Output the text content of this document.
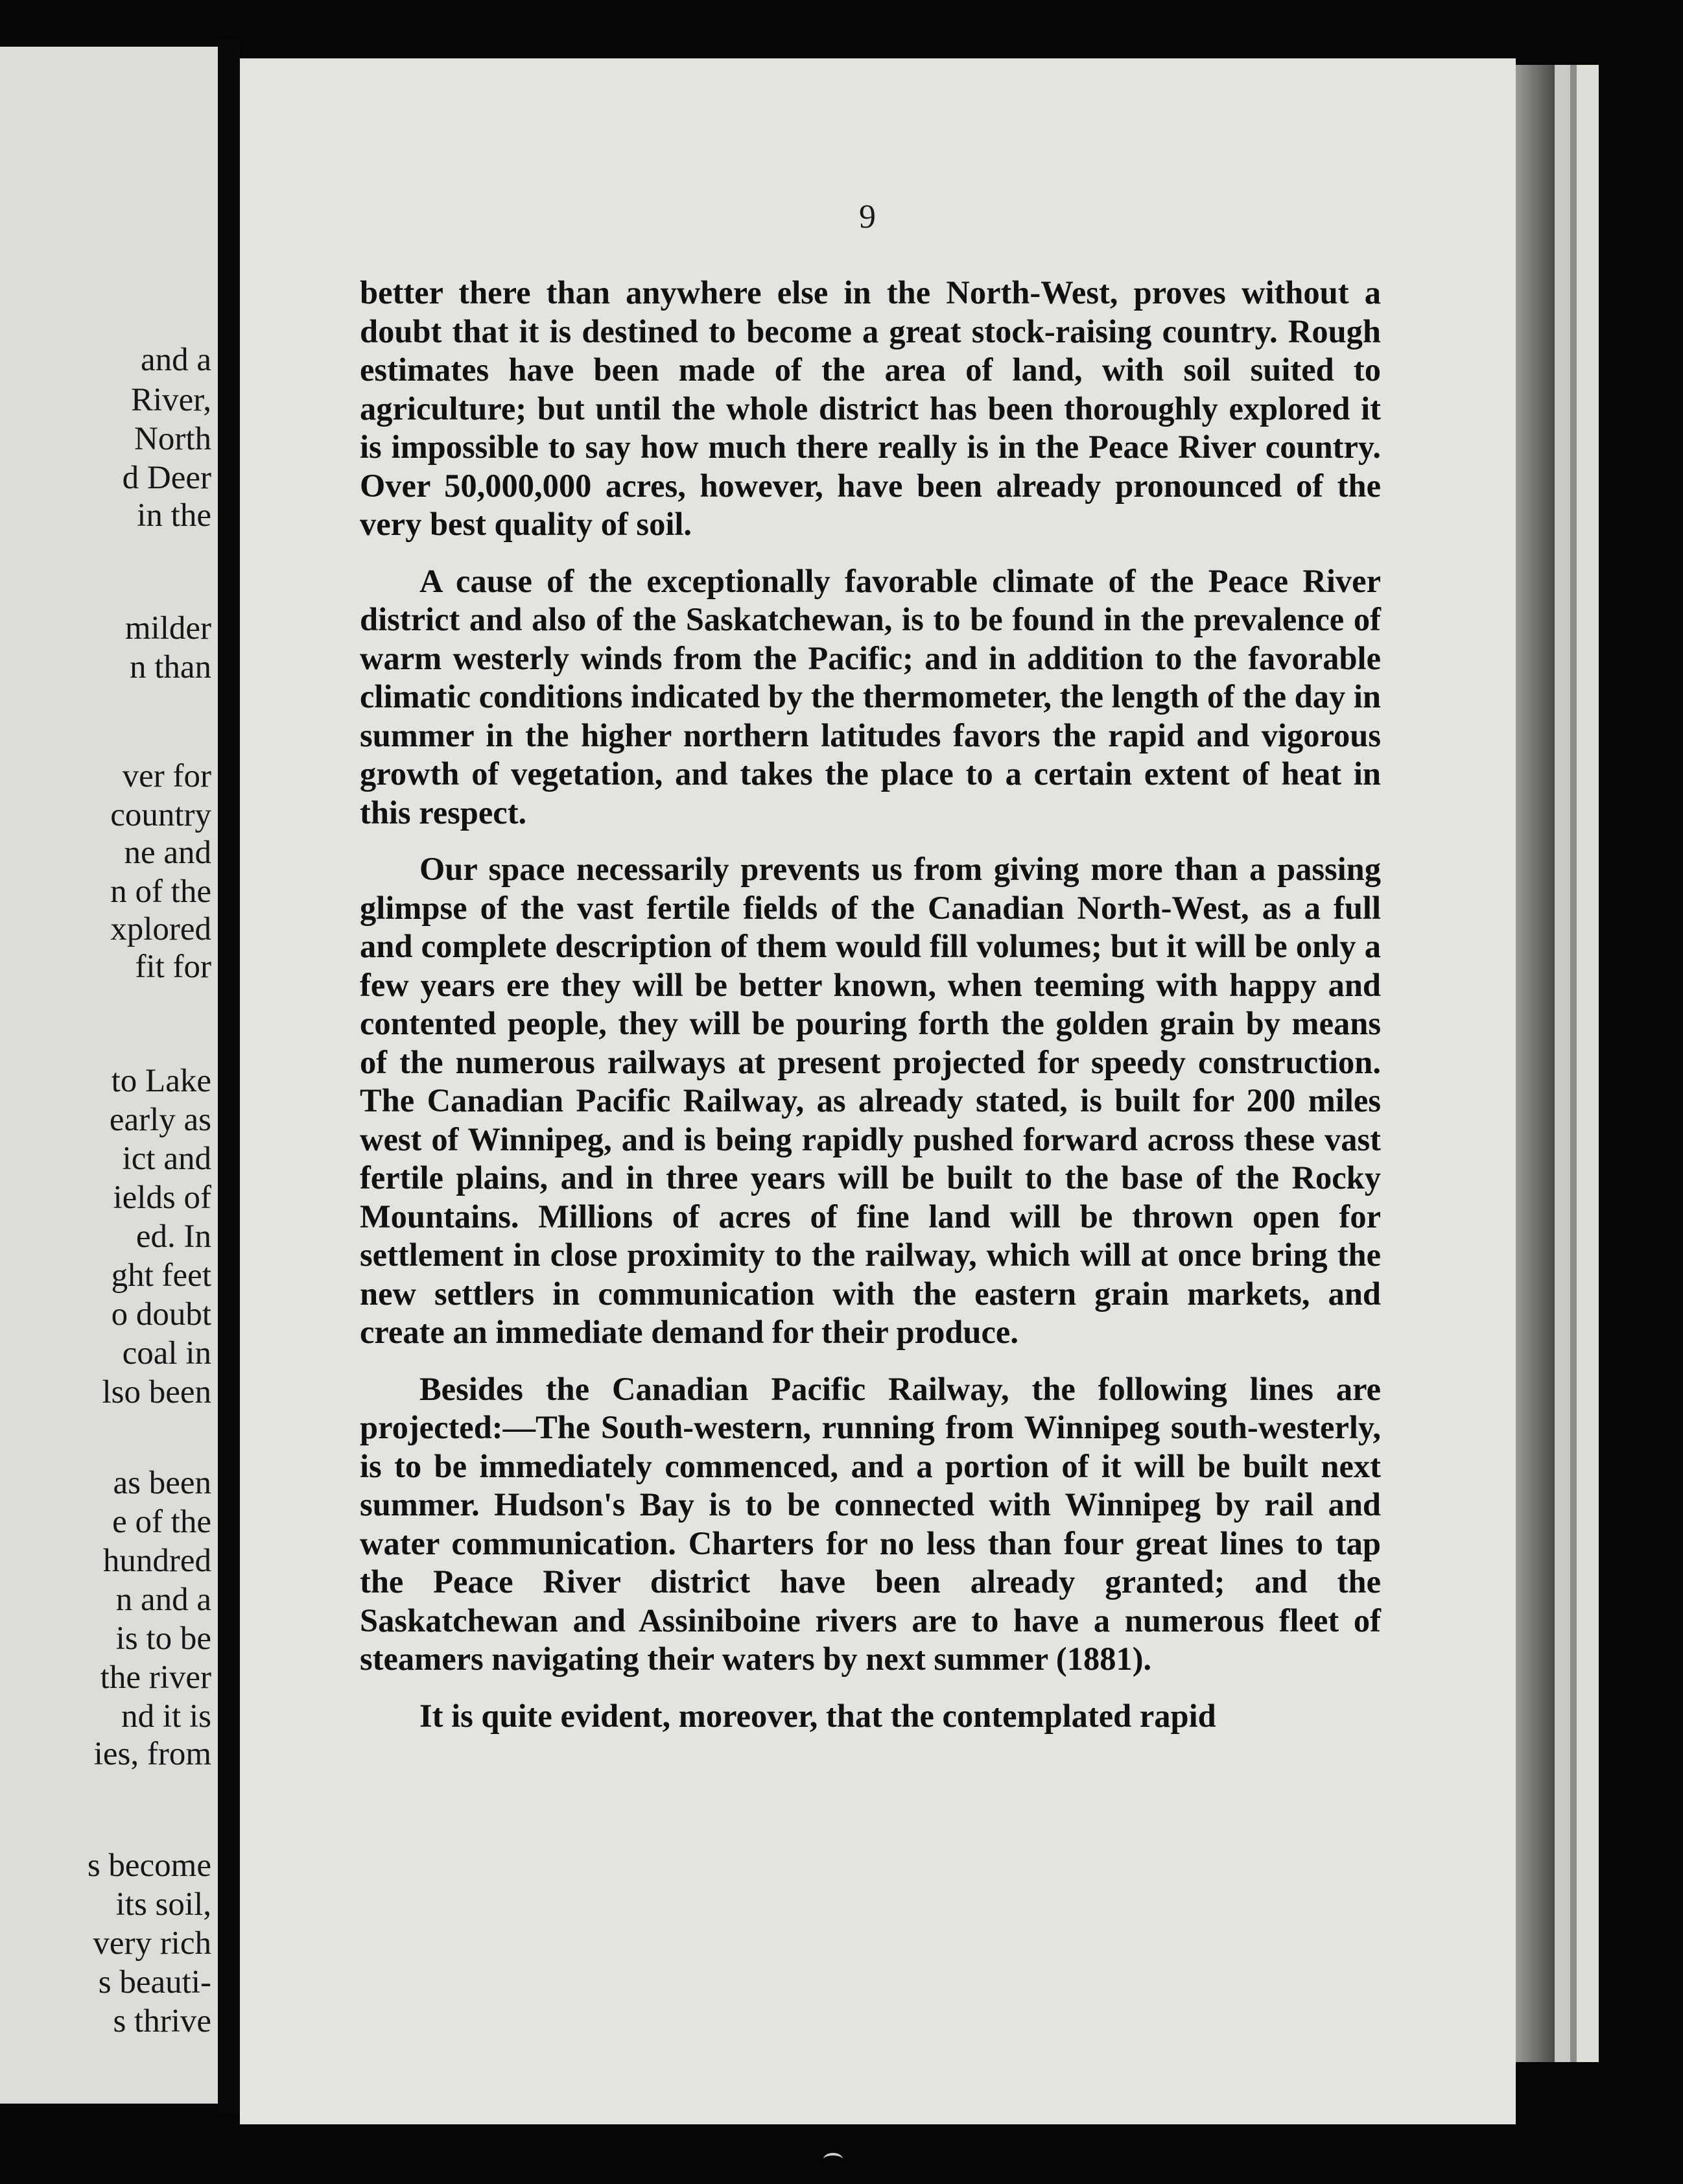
and a
River,
North
d Deer
in the
milder
n than
ver for
country
ne and
n of the
xplored
fit for
to Lake
early as
ict and
ields of
ed. In
ght feet
o doubt
coal in
lso been
as been
e of the
hundred
n and a
is to be
the river
nd it is
ies, from
s become
its soil,
very rich
s beauti-
s thrive
9

better there than anywhere else in the North-West, proves without a doubt that it is destined to become a great stock-raising country. Rough estimates have been made of the area of land, with soil suited to agriculture; but until the whole district has been thoroughly explored it is impossible to say how much there really is in the Peace River country. Over 50,000,000 acres, however, have been already pronounced of the very best quality of soil.

A cause of the exceptionally favorable climate of the Peace River district and also of the Saskatchewan, is to be found in the prevalence of warm westerly winds from the Pacific; and in addition to the favorable climatic conditions indicated by the thermometer, the length of the day in summer in the higher northern latitudes favors the rapid and vigorous growth of vegetation, and takes the place to a certain extent of heat in this respect.

Our space necessarily prevents us from giving more than a passing glimpse of the vast fertile fields of the Canadian North-West, as a full and complete description of them would fill volumes; but it will be only a few years ere they will be better known, when teeming with happy and contented people, they will be pouring forth the golden grain by means of the numerous railways at present projected for speedy construction. The Canadian Pacific Railway, as already stated, is built for 200 miles west of Winnipeg, and is being rapidly pushed forward across these vast fertile plains, and in three years will be built to the base of the Rocky Mountains. Millions of acres of fine land will be thrown open for settlement in close proximity to the railway, which will at once bring the new settlers in communication with the eastern grain markets, and create an immediate demand for their produce.

Besides the Canadian Pacific Railway, the following lines are projected:—The South-western, running from Winnipeg south-westerly, is to be immediately commenced, and a portion of it will be built next summer. Hudson's Bay is to be connected with Winnipeg by rail and water communication. Charters for no less than four great lines to tap the Peace River district have been already granted; and the Saskatchewan and Assiniboine rivers are to have a numerous fleet of steamers navigating their waters by next summer (1881).

It is quite evident, moreover, that the contemplated rapid
